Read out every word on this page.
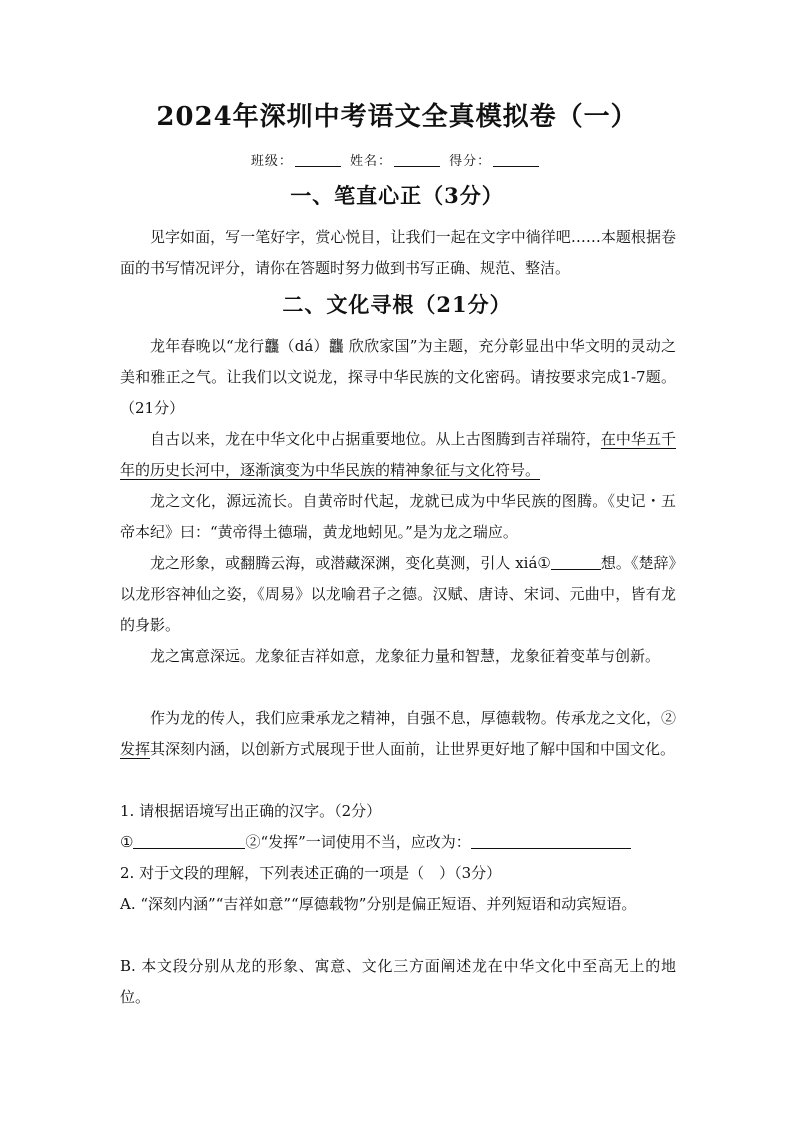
2024年深圳中考语文全真模拟卷（一）
班级：	姓名：	得分：
一、笔直心正（3分）
见字如面，写一笔好字，赏心悦目，让我们一起在文字中徜徉吧……本题根据卷面的书写情况评分，请你在答题时努力做到书写正确、规范、整洁。
二、文化寻根（21分）
龙年春晚以“龙行龘（dá）龘 欣欣家国”为主题，充分彰显出中华文明的灵动之美和雅正之气。让我们以文说龙，探寻中华民族的文化密码。请按要求完成1-7题。（21分）
自古以来，龙在中华文化中占据重要地位。从上古图腾到吉祥瑞符，在中华五千年的历史长河中，逐渐演变为中华民族的精神象征与文化符号。
龙之文化，源远流长。自黄帝时代起，龙就已成为中华民族的图腾。《史记・五帝本纪》曰：“黄帝得土德瑞，黄龙地蚓见。”是为龙之瑞应。
龙之形象，或翻腾云海，或潜藏深渊，变化莫测，引人 xiá①	想。《楚辞》以龙形容神仙之姿，《周易》以龙喻君子之德。汉赋、唐诗、宋词、元曲中，皆有龙的身影。
龙之寓意深远。龙象征吉祥如意，龙象征力量和智慧，龙象征着变革与创新。
作为龙的传人，我们应秉承龙之精神，自强不息，厚德载物。传承龙之文化，②发挥其深刻内涵，以创新方式展现于世人面前，让世界更好地了解中国和中国文化。
1. 请根据语境写出正确的汉字。（2分）
①	②“发挥”一词使用不当，应改为：
2. 对于文段的理解，下列表述正确的一项是（　）（3分）
A. “深刻内涵”“吉祥如意”“厚德载物”分别是偏正短语、并列短语和动宾短语。
B. 本文段分别从龙的形象、寓意、文化三方面阐述龙在中华文化中至高无上的地位。
